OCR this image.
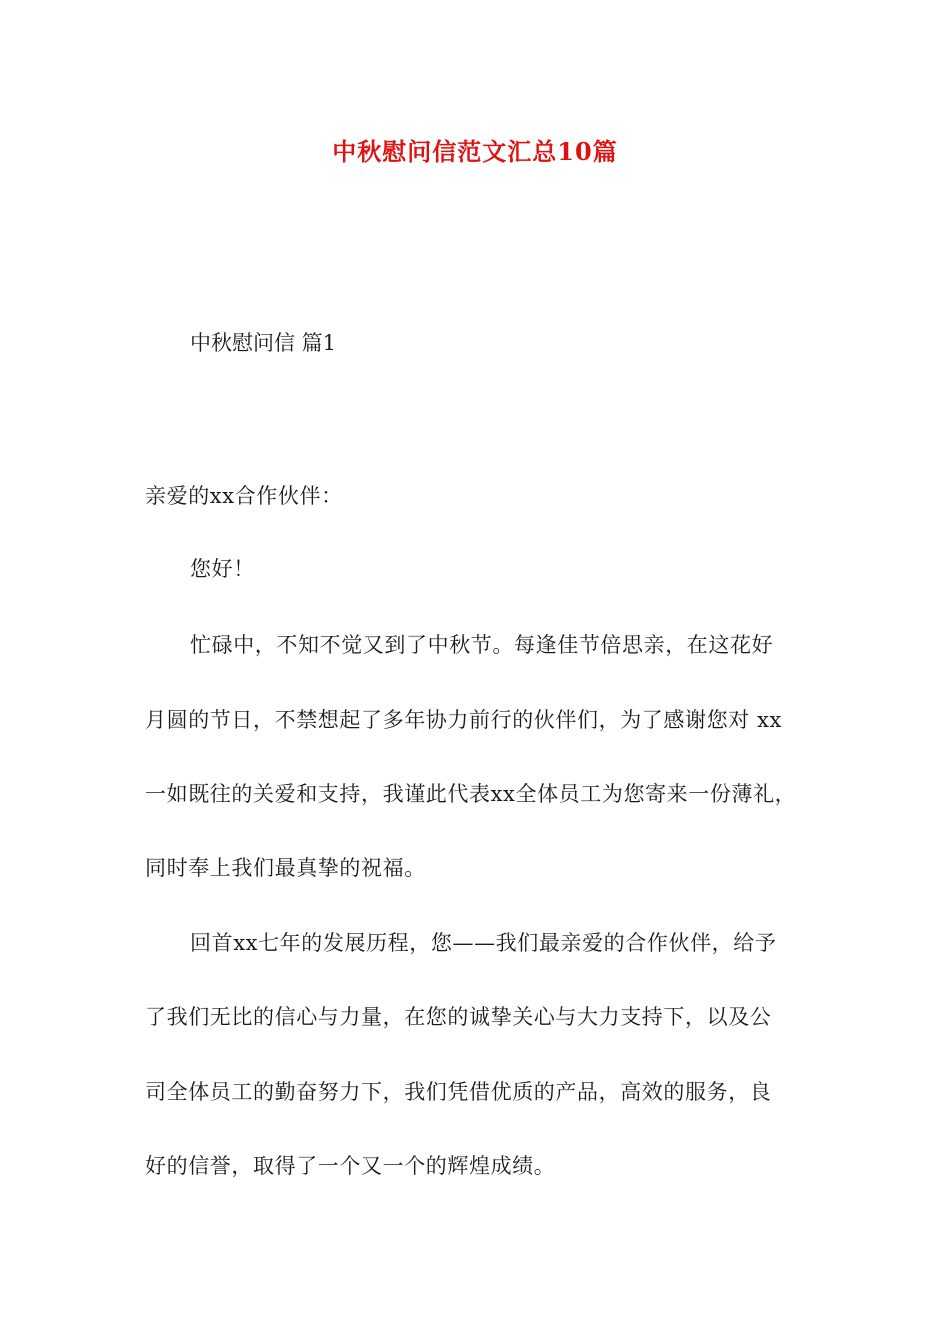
中秋慰问信范文汇总10篇
中秋慰问信 篇1
亲爱的xx合作伙伴：
您好！
忙碌中，不知不觉又到了中秋节。每逢佳节倍思亲，在这花好
月圆的节日，不禁想起了多年协力前行的伙伴们，为了感谢您对 xx
一如既往的关爱和支持，我谨此代表xx全体员工为您寄来一份薄礼，
同时奉上我们最真挚的祝福。
回首xx七年的发展历程，您——我们最亲爱的合作伙伴，给予
了我们无比的信心与力量，在您的诚挚关心与大力支持下，以及公
司全体员工的勤奋努力下，我们凭借优质的产品，高效的服务，良
好的信誉，取得了一个又一个的辉煌成绩。
